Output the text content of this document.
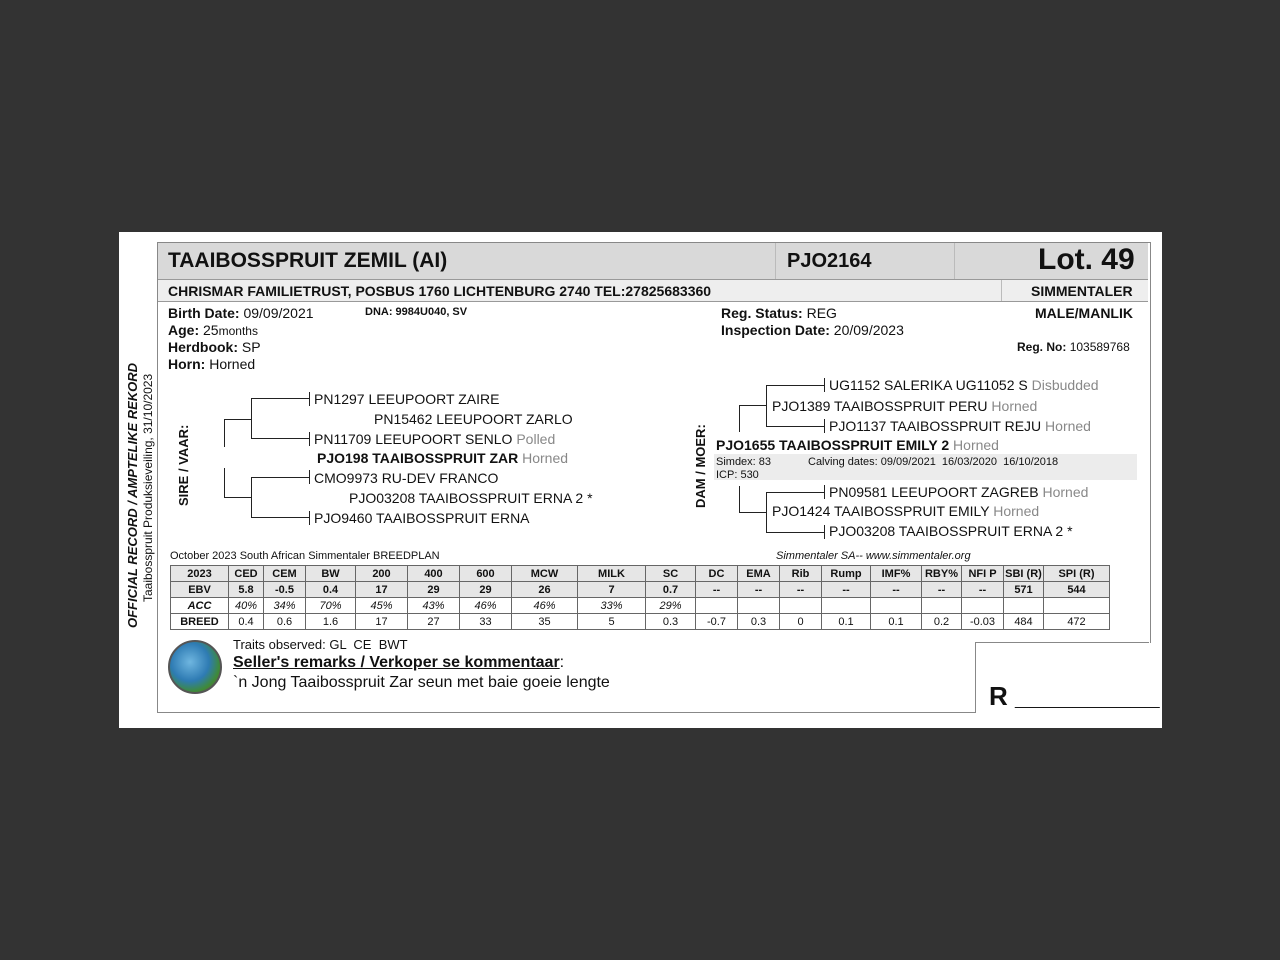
OFFICIAL RECORD / AMPTELIKE REKORD Taaibosspruit Produksieveiling, 31/10/2023
TAAIBOSSPRUIT ZEMIL (AI)	PJO2164	Lot. 49
CHRISMAR FAMILIETRUST, POSBUS 1760 LICHTENBURG 2740 TEL:27825683360	SIMMENTALER
Birth Date: 09/09/2021	DNA: 9984U040, SV
Age: 25months
Herdbook: SP
Horn: Horned
Reg. Status: REG
Inspection Date: 20/09/2023
MALE/MANLIK
Reg. No: 103589768
SIRE / VAAR:
PN1297 LEEUPOORT ZAIRE
PN15462 LEEUPOORT ZARLO
PN11709 LEEUPOORT SENLO Polled
PJO198 TAAIBOSSPRUIT ZAR Horned
CMO9973 RU-DEV FRANCO
PJO03208 TAAIBOSSPRUIT ERNA 2 *
PJO9460 TAAIBOSSPRUIT ERNA
DAM / MOER:
UG1152 SALERIKA UG11052 S Disbudded
PJO1389 TAAIBOSSPRUIT PERU Horned
PJO1137 TAAIBOSSPRUIT REJU Horned
PJO1655 TAAIBOSSPRUIT EMILY 2 Horned
Simdex: 83	Calving dates: 09/09/2021  16/03/2020  16/10/2018
ICP: 530
PN09581 LEEUPOORT ZAGREB Horned
PJO1424 TAAIBOSSPRUIT EMILY Horned
PJO03208 TAAIBOSSPRUIT ERNA 2 *
October 2023 South African Simmentaler BREEDPLAN	Simmentaler SA-- www.simmentaler.org
2023	CED	CEM	BW	200	400	600	MCW	MILK	SC	DC	EMA	Rib	Rump	IMF%	RBY%	NFI P	SBI (R)	SPI (R)
EBV	5.8	-0.5	0.4	17	29	29	26	7	0.7	--	--	--	--	--	--	--	571	544
ACC	40%	34%	70%	45%	43%	46%	46%	33%	29%									
BREED	0.4	0.6	1.6	17	27	33	35	5	0.3	-0.7	0.3	0	0.1	0.1	0.2	-0.03	484	472
Traits observed: GL  CE  BWT
Seller's remarks / Verkoper se kommentaar:
`n Jong Taaibosspruit Zar seun met baie goeie lengte	R __________
